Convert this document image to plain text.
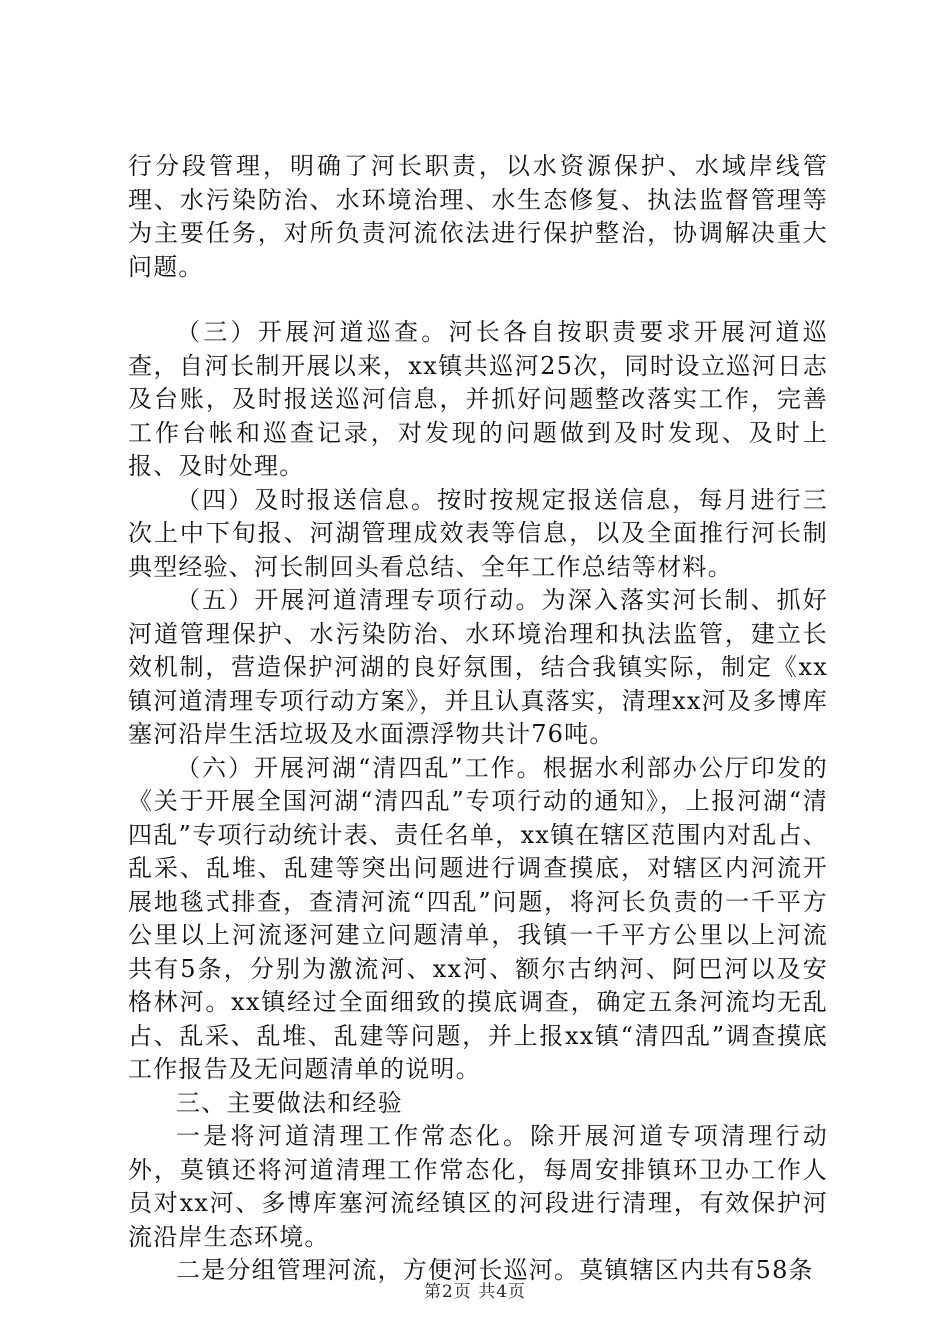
行分段管理，明确了河长职责，以水资源保护、水域岸线管理、水污染防治、水环境治理、水生态修复、执法监督管理等为主要任务，对所负责河流依法进行保护整治，协调解决重大问题。

（三）开展河道巡查。河长各自按职责要求开展河道巡查，自河长制开展以来，xx镇共巡河25次，同时设立巡河日志及台账，及时报送巡河信息，并抓好问题整改落实工作，完善工作台帐和巡查记录，对发现的问题做到及时发现、及时上报、及时处理。

（四）及时报送信息。按时按规定报送信息，每月进行三次上中下旬报、河湖管理成效表等信息，以及全面推行河长制典型经验、河长制回头看总结、全年工作总结等材料。

（五）开展河道清理专项行动。为深入落实河长制、抓好河道管理保护、水污染防治、水环境治理和执法监管，建立长效机制，营造保护河湖的良好氛围，结合我镇实际，制定《xx镇河道清理专项行动方案》，并且认真落实，清理xx河及多博库塞河沿岸生活垃圾及水面漂浮物共计76吨。

（六）开展河湖“清四乱”工作。根据水利部办公厅印发的《关于开展全国河湖“清四乱”专项行动的通知》，上报河湖“清四乱”专项行动统计表、责任名单，xx镇在辖区范围内对乱占、乱采、乱堆、乱建等突出问题进行调查摸底，对辖区内河流开展地毯式排查，查清河流“四乱”问题，将河长负责的一千平方公里以上河流逐河建立问题清单，我镇一千平方公里以上河流共有5条，分别为激流河、xx河、额尔古纳河、阿巴河以及安格林河。xx镇经过全面细致的摸底调查，确定五条河流均无乱占、乱采、乱堆、乱建等问题，并上报xx镇“清四乱”调查摸底工作报告及无问题清单的说明。

三、主要做法和经验

一是将河道清理工作常态化。除开展河道专项清理行动外，莫镇还将河道清理工作常态化，每周安排镇环卫办工作人员对xx河、多博库塞河流经镇区的河段进行清理，有效保护河流沿岸生态环境。

二是分组管理河流，方便河长巡河。莫镇辖区内共有58条

第2页 共4页
